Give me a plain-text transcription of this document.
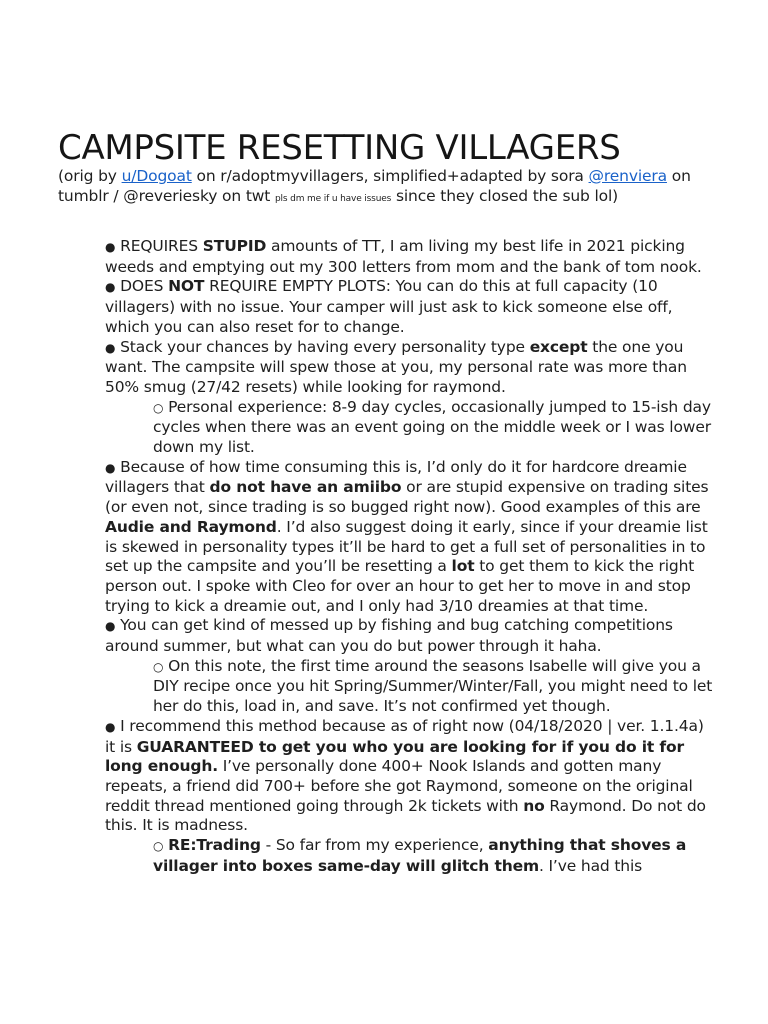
CAMPSITE RESETTING VILLAGERS
(orig by u/Dogoat on r/adoptmyvillagers, simplified+adapted by sora @renviera on tumblr / @reveriesky on twt pls dm me if u have issues since they closed the sub lol)

● REQUIRES STUPID amounts of TT, I am living my best life in 2021 picking weeds and emptying out my 300 letters from mom and the bank of tom nook.

● DOES NOT REQUIRE EMPTY PLOTS: You can do this at full capacity (10 villagers) with no issue. Your camper will just ask to kick someone else off, which you can also reset for to change.

● Stack your chances by having every personality type except the one you want. The campsite will spew those at you, my personal rate was more than 50% smug (27/42 resets) while looking for raymond.

○ Personal experience: 8-9 day cycles, occasionally jumped to 15-ish day cycles when there was an event going on the middle week or I was lower down my list.

● Because of how time consuming this is, I’d only do it for hardcore dreamie villagers that do not have an amiibo or are stupid expensive on trading sites (or even not, since trading is so bugged right now). Good examples of this are Audie and Raymond. I’d also suggest doing it early, since if your dreamie list is skewed in personality types it’ll be hard to get a full set of personalities in to set up the campsite and you’ll be resetting a lot to get them to kick the right person out. I spoke with Cleo for over an hour to get her to move in and stop trying to kick a dreamie out, and I only had 3/10 dreamies at that time.

● You can get kind of messed up by fishing and bug catching competitions around summer, but what can you do but power through it haha.

○ On this note, the first time around the seasons Isabelle will give you a DIY recipe once you hit Spring/Summer/Winter/Fall, you might need to let her do this, load in, and save. It’s not confirmed yet though.

● I recommend this method because as of right now (04/18/2020 | ver. 1.1.4a) it is GUARANTEED to get you who you are looking for if you do it for long enough. I’ve personally done 400+ Nook Islands and gotten many repeats, a friend did 700+ before she got Raymond, someone on the original reddit thread mentioned going through 2k tickets with no Raymond. Do not do this. It is madness.

○ RE:Trading - So far from my experience, anything that shoves a villager into boxes same-day will glitch them. I’ve had this
